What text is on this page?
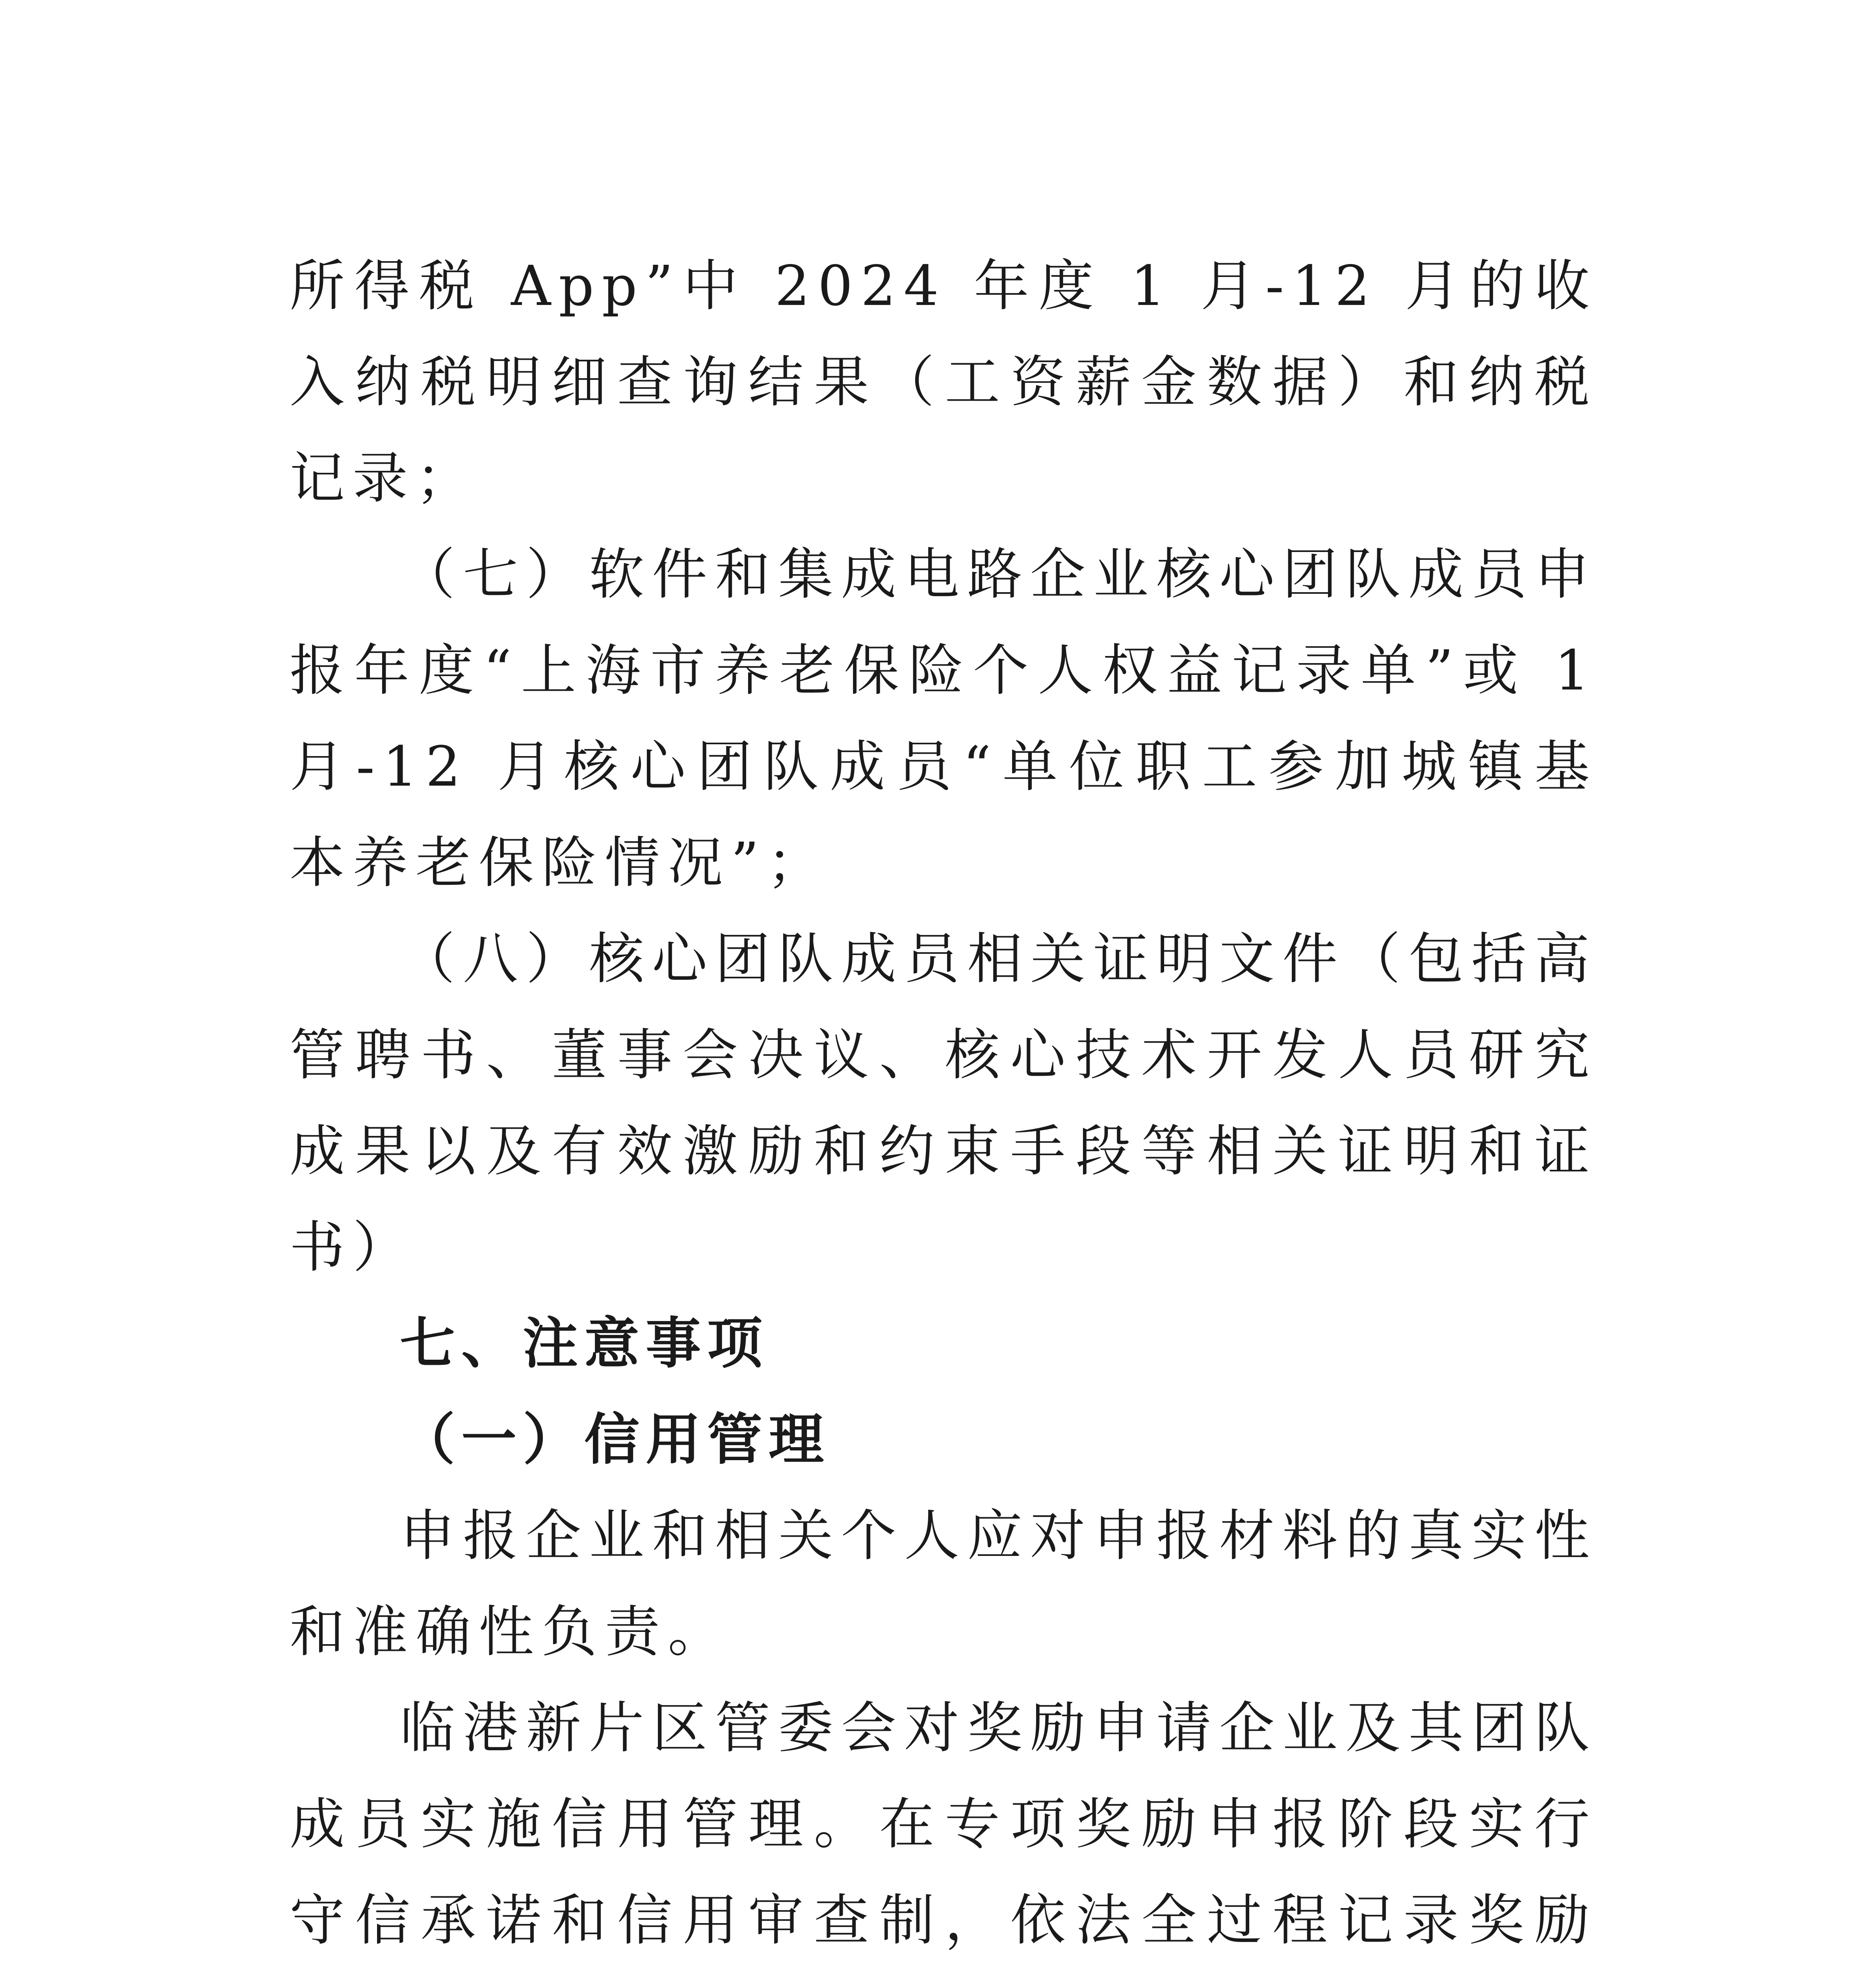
所得税 App”中 2024 年度 1 月-12 月的收入纳税明细查询结果（工资薪金数据）和纳税记录；

（七）软件和集成电路企业核心团队成员申报年度“上海市养老保险个人权益记录单”或 1 月-12 月核心团队成员“单位职工参加城镇基本养老保险情况”；

（八）核心团队成员相关证明文件（包括高管聘书、董事会决议、核心技术开发人员研究成果以及有效激励和约束手段等相关证明和证书）

七、注意事项

（一）信用管理

申报企业和相关个人应对申报材料的真实性和准确性负责。

临港新片区管委会对奖励申请企业及其团队成员实施信用管理。在专项奖励申报阶段实行守信承诺和信用审查制，依法全过程记录奖励
